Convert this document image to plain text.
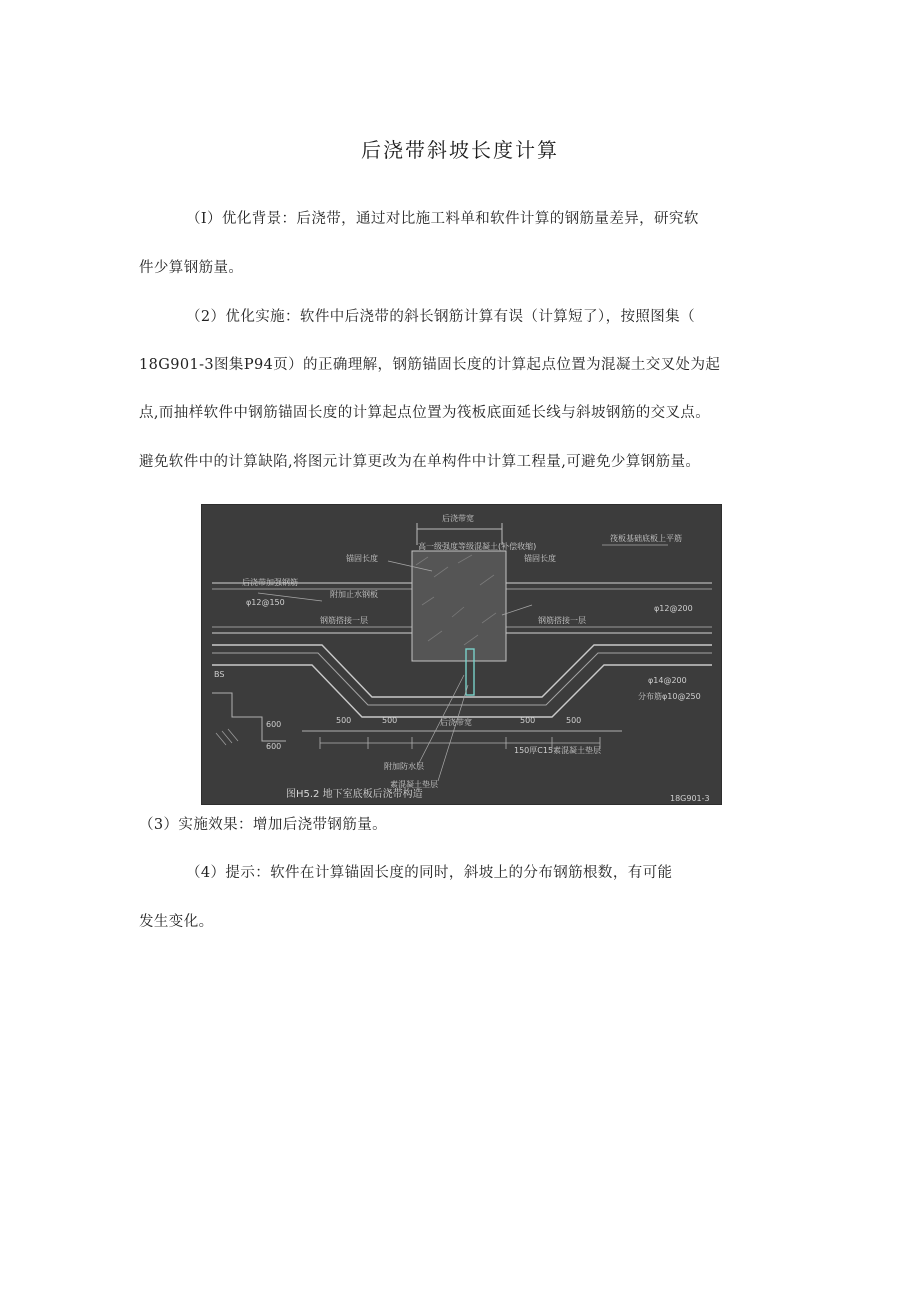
后浇带斜坡长度计算
（I）优化背景：后浇带，通过对比施工料单和软件计算的钢筋量差异，研究软
件少算钢筋量。
（2）优化实施：软件中后浇带的斜长钢筋计算有误（计算短了），按照图集（
18G901-3图集P94页）的正确理解，钢筋锚固长度的计算起点位置为混凝土交叉处为起
点,而抽样软件中钢筋锚固长度的计算起点位置为筏板底面延长线与斜坡钢筋的交叉点。
避免软件中的计算缺陷,将图元计算更改为在单构件中计算工程量,可避免少算钢筋量。
后浇带宽
高一级强度等级混凝土(补偿收缩)
锚固长度	锚固长度
筏板基础底板上平筋
后浇带加强钢筋
φ12@150
附加止水钢板
钢筋搭接一层	钢筋搭接一层
φ12@200
φ14@200
分布筋φ10@250
500	500	500	500
后浇带宽
600
600
附加防水层
素混凝土垫层
150厚C15素混凝土垫层
BS
图H5.2 地下室底板后浇带构造	18G901-3
（3）实施效果：增加后浇带钢筋量。
（4）提示：软件在计算锚固长度的同时，斜坡上的分布钢筋根数，有可能
发生变化。
